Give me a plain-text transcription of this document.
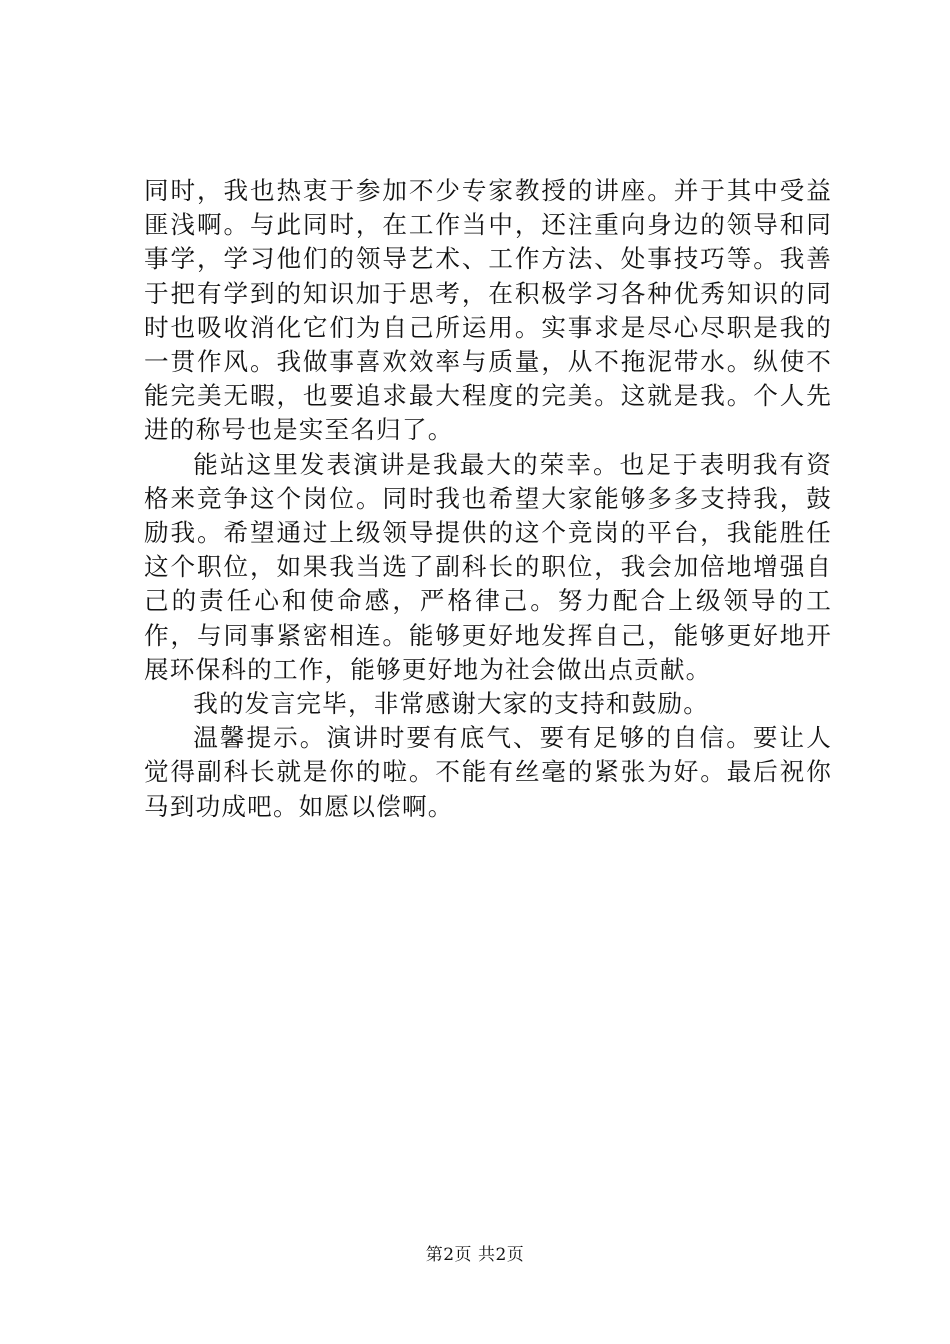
同时，我也热衷于参加不少专家教授的讲座。并于其中受益匪浅啊。与此同时，在工作当中，还注重向身边的领导和同事学，学习他们的领导艺术、工作方法、处事技巧等。我善于把有学到的知识加于思考，在积极学习各种优秀知识的同时也吸收消化它们为自己所运用。实事求是尽心尽职是我的一贯作风。我做事喜欢效率与质量，从不拖泥带水。纵使不能完美无暇，也要追求最大程度的完美。这就是我。个人先进的称号也是实至名归了。

能站这里发表演讲是我最大的荣幸。也足于表明我有资格来竞争这个岗位。同时我也希望大家能够多多支持我，鼓励我。希望通过上级领导提供的这个竞岗的平台，我能胜任这个职位，如果我当选了副科长的职位，我会加倍地增强自己的责任心和使命感，严格律己。努力配合上级领导的工作，与同事紧密相连。能够更好地发挥自己，能够更好地开展环保科的工作，能够更好地为社会做出点贡献。

我的发言完毕，非常感谢大家的支持和鼓励。

温馨提示。演讲时要有底气、要有足够的自信。要让人觉得副科长就是你的啦。不能有丝毫的紧张为好。最后祝你马到功成吧。如愿以偿啊。

第2页 共2页
